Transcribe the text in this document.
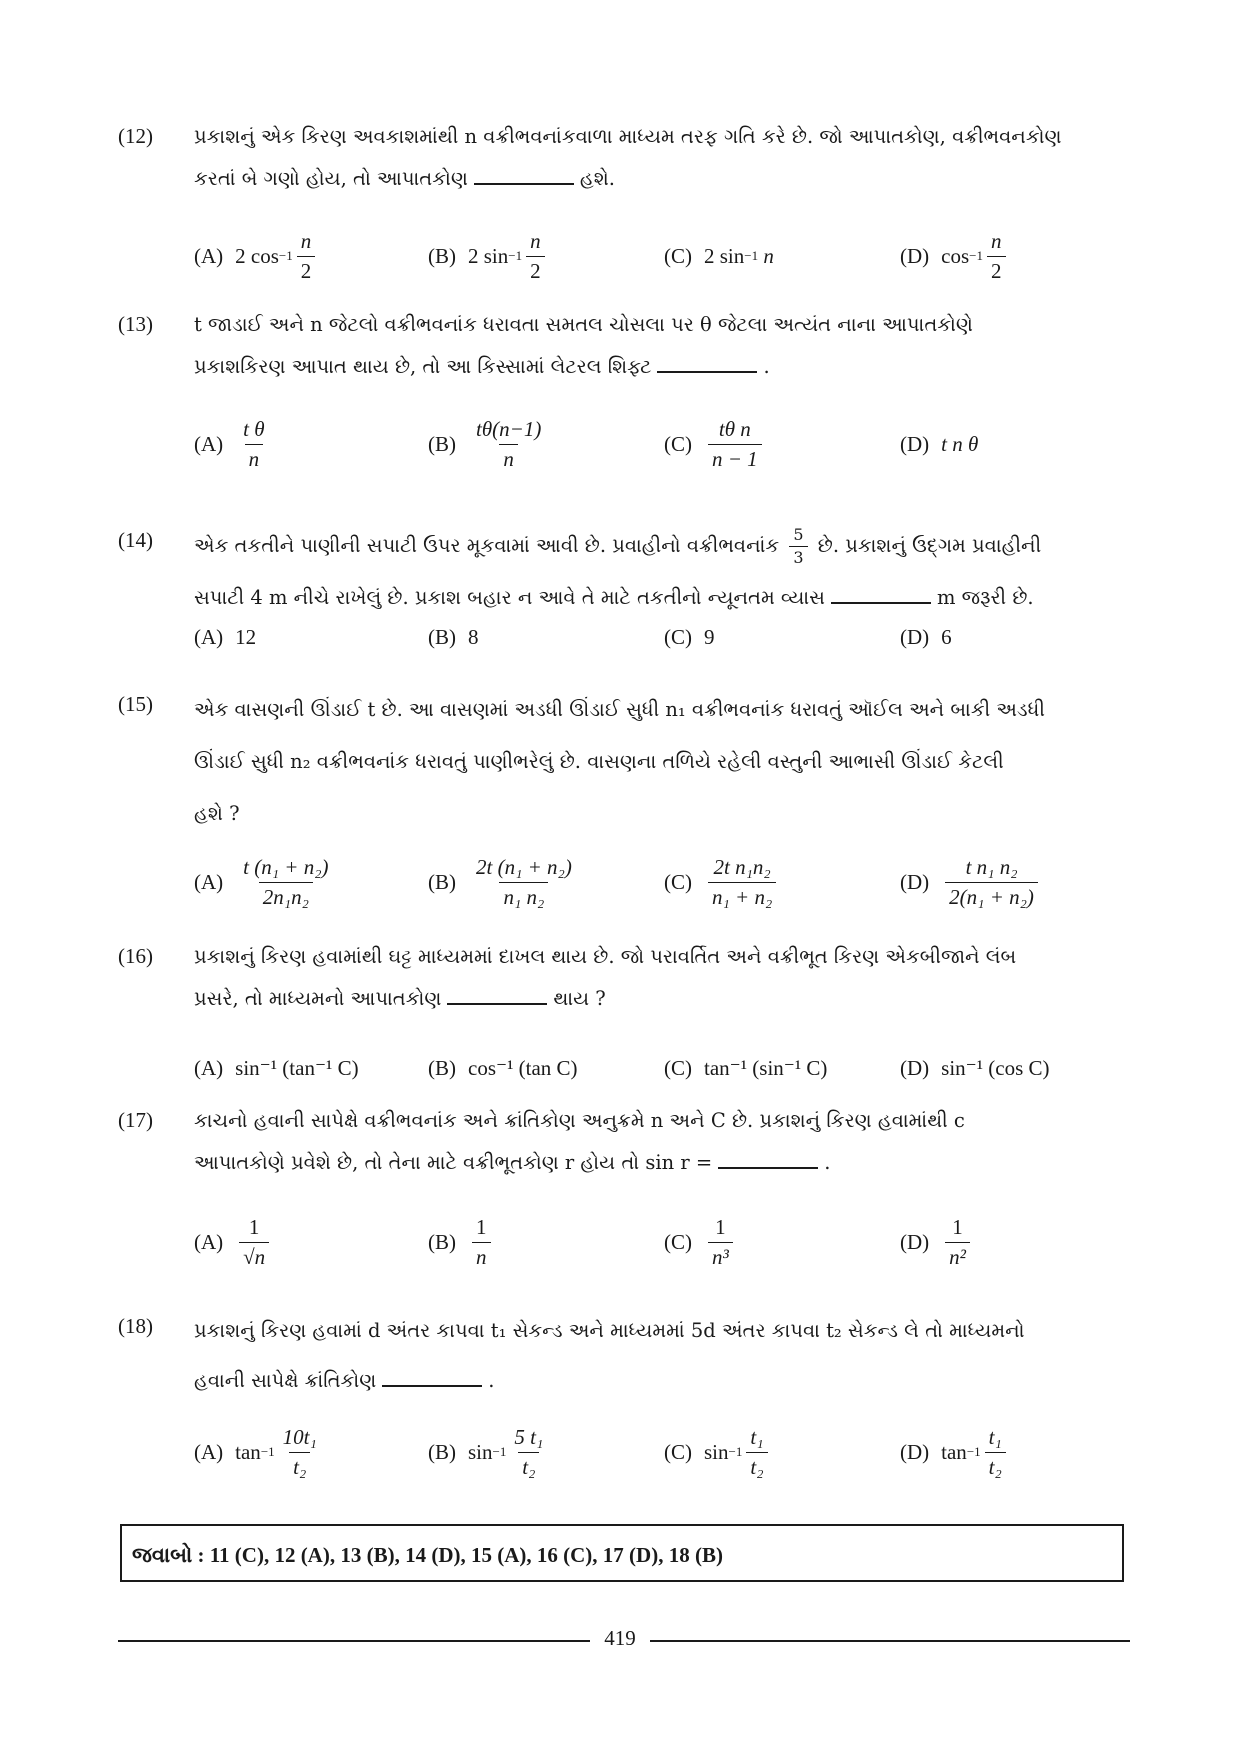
(12) પ્રકાશનું એક કિરણ અવકાશમાંથી n વક્રીભવનાંકવાળા માધ્યમ તરફ ગતિ કરે છે. જો આપાતકોણ, વક્રીભવનકોણ
કરતાં બે ગણો હોય, તો આપાતકોણ	હશે.
(A) 2 $\cos -1 \frac{n}{2}$	(B) 2 $\sin -1 \frac{n}{2}$	(C) 2 sin −1
n	(D) $\cos -1 \frac{n}{2}$
(13) t જાડાઈ અને n જેટલો વક્રીભવનાંક ધરાવતા સમતલ ચોસલા પર θ જેટલા અત્યંત નાના આપાતકોણે
પ્રકાશકિરણ આપાત થાય છે, તો આ કિસ્સામાં લેટરલ શિફ્ટ	.
$(A) \frac{\text{t θ}}{n}$	$(B) \frac{t\theta(n-1)}{n}$	$(C) \frac{\text{tθ n}}{n - 1}$	(D) t n θ
(14) એક તકતીને પાણીની સપાટી ઉપર મૂકવામાં આવી છે. પ્રવાહીનો વક્રીભવનાંક $\frac{5}{3}$ છે. પ્રકાશનું ઉદ્‌ગમ પ્રવાહીની
સપાટી 4 m નીચે રાખેલું છે. પ્રકાશ બહાર ન આવે તે માટે તકતીનો ન્યૂનતમ વ્યાસ	m જરૂરી છે.
(A) 12	(B) 8	(C) 9	(D) 6
(15) એક વાસણની ઊંડાઈ t છે. આ વાસણમાં અડધી ઊંડાઈ સુધી n₁ વક્રીભવનાંક ધરાવતું ઑઈલ અને બાકી અડધી
ઊંડાઈ સુધી n₂ વક્રીભવનાંક ધરાવતું પાણીભરેલું છે. વાસણના તળિયે રહેલી વસ્તુની આભાસી ઊંડાઈ કેટલી
હશે ?
$(A) \frac{\text{t (n₁ + n₂)}}{\text{2n₁n₂}}$	$(B) \frac{\text{2t (n₁ + n₂)}}{\text{n₁ n₂}}$	$(C) \frac{\text{2t n₁n₂}}{\text{n₁ + n₂}}$	$(D) \frac{\text{t n₁ n₂}}{\text{2(n₁ + n₂)}}$
(16) પ્રકાશનું કિરણ હવામાંથી ઘટ્ટ માધ્યમમાં દાખલ થાય છે. જો પરાવર્તિત અને વક્રીભૂત કિરણ એકબીજાને લંબ
પ્રસરે, તો માધ્યમનો આપાતકોણ	થાય ?
(A) sin⁻¹ (tan⁻¹ C)	(B) cos⁻¹ (tan C)	(C) tan⁻¹ (sin⁻¹ C)	(D) sin⁻¹ (cos C)
(17) કાચનો હવાની સાપેક્ષે વક્રીભવનાંક અને ક્રાંતિકોણ અનુક્રમે n અને C છે. પ્રકાશનું કિરણ હવામાંથી c
આપાતકોણે પ્રવેશે છે, તો તેના માટે વક્રીભૂતકોણ r હોય તો sin r =	.
$(A) \frac{1}{√n}$	$(B) \frac{1}{n}$	$(C) \frac{1}{\text{n³}}$	$(D) \frac{1}{\text{n²}}$
(18) પ્રકાશનું કિરણ હવામાં d અંતર કાપવા t₁ સેકન્ડ અને માધ્યમમાં 5d અંતર કાપવા t₂ સેકન્ડ લે તો માધ્યમનો
હવાની સાપેક્ષે ક્રાંતિકોણ	.
(A) $\tan -1 \frac{\text{10t₁}}{\text{t₂}}$	(B) $\sin -1 \frac{\text{5 t₁}}{\text{t₂}}$	(C) $\sin -1 \frac{\text{t₁}}{\text{t₂}}$	(D) $\tan -1 \frac{\text{t₁}}{\text{t₂}}$
જવાબો : 11 (C), 12 (A), 13 (B), 14 (D), 15 (A), 16 (C), 17 (D), 18 (B)
419
